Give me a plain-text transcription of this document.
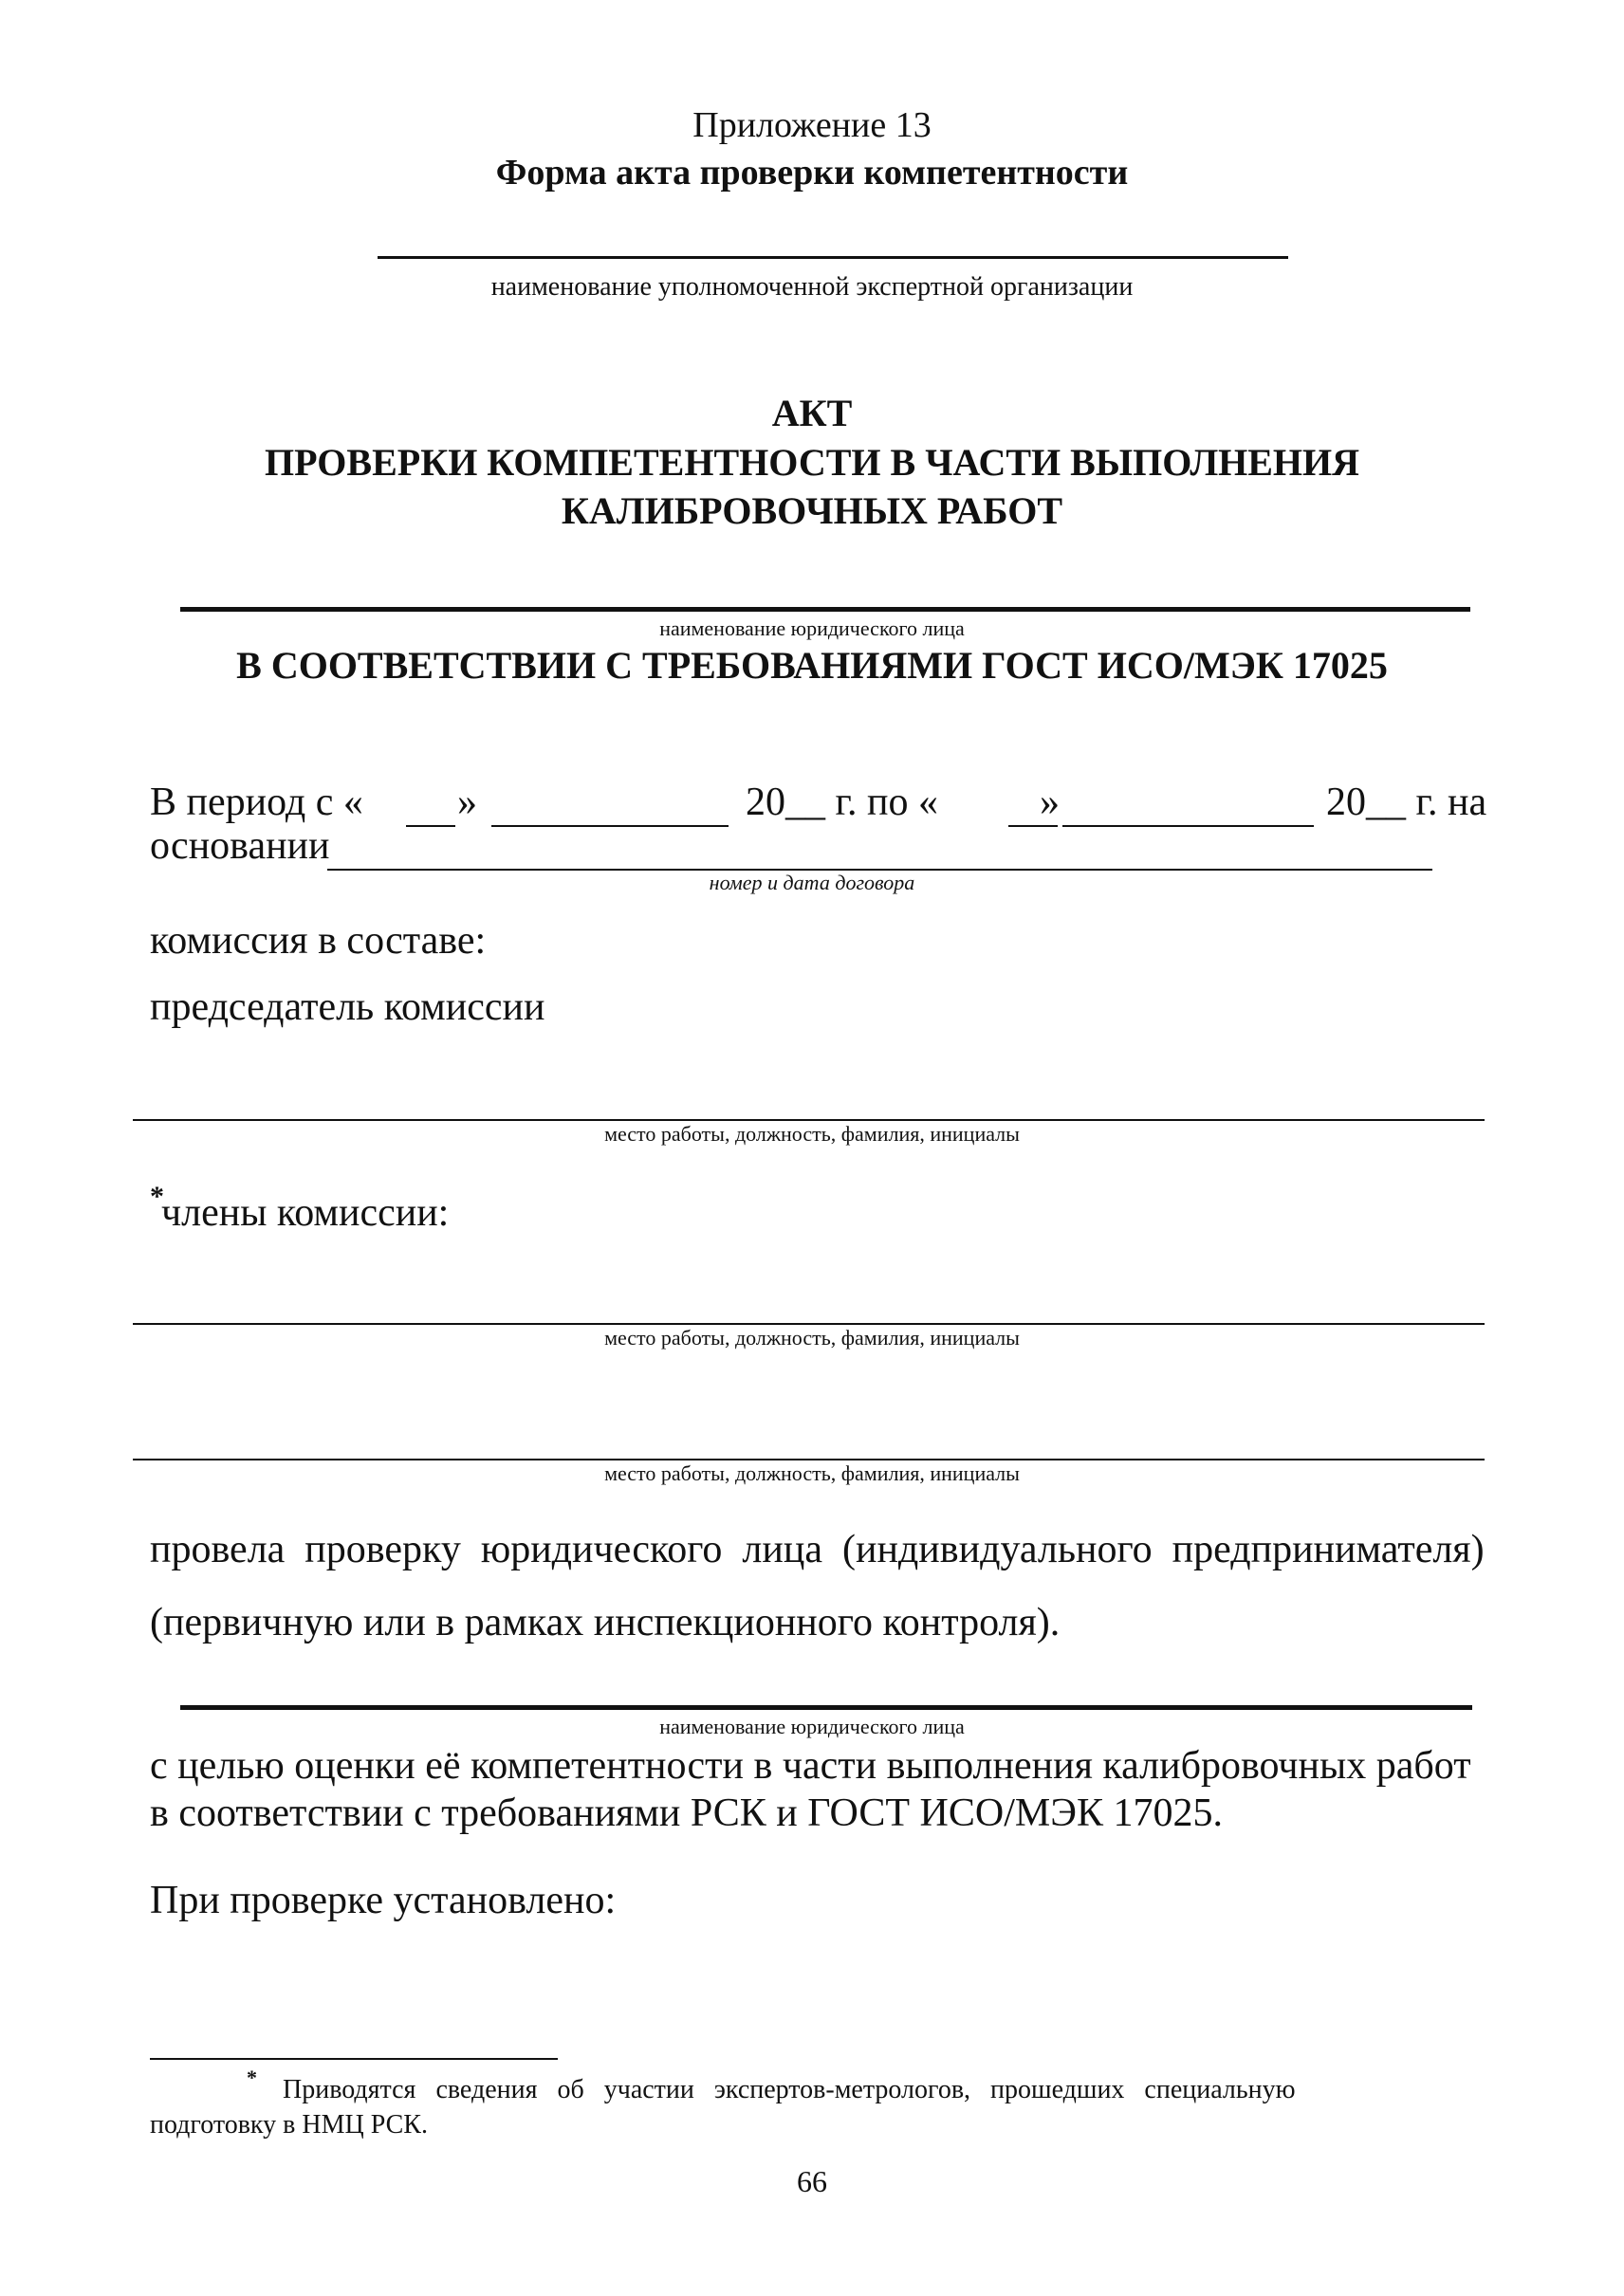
Приложение 13
Форма акта проверки компетентности
наименование уполномоченной экспертной организации
АКТ
ПРОВЕРКИ КОМПЕТЕНТНОСТИ В ЧАСТИ ВЫПОЛНЕНИЯ
КАЛИБРОВОЧНЫХ РАБОТ
наименование юридического лица
В СООТВЕТСТВИИ С ТРЕБОВАНИЯМИ ГОСТ ИСО/МЭК 17025
В период с « »	20__ г. по «	»	20__ г. на
основании
номер и дата договора
комиссия в составе:
председатель комиссии
место работы, должность, фамилия, инициалы
*
члены комиссии:
место работы, должность, фамилия, инициалы
место работы, должность, фамилия, инициалы
провела  проверку  юридического  лица  (индивидуального  предпринимателя)
(первичную или в рамках инспекционного контроля).
наименование юридического лица
с целью оценки её компетентности в части выполнения калибровочных работ
в соответствии с требованиями РСК и ГОСТ ИСО/МЭК 17025.
При проверке установлено:
* Приводятся   сведения   об   участии   экспертов-метрологов,   прошедших   специальную
подготовку в НМЦ РСК.
66
